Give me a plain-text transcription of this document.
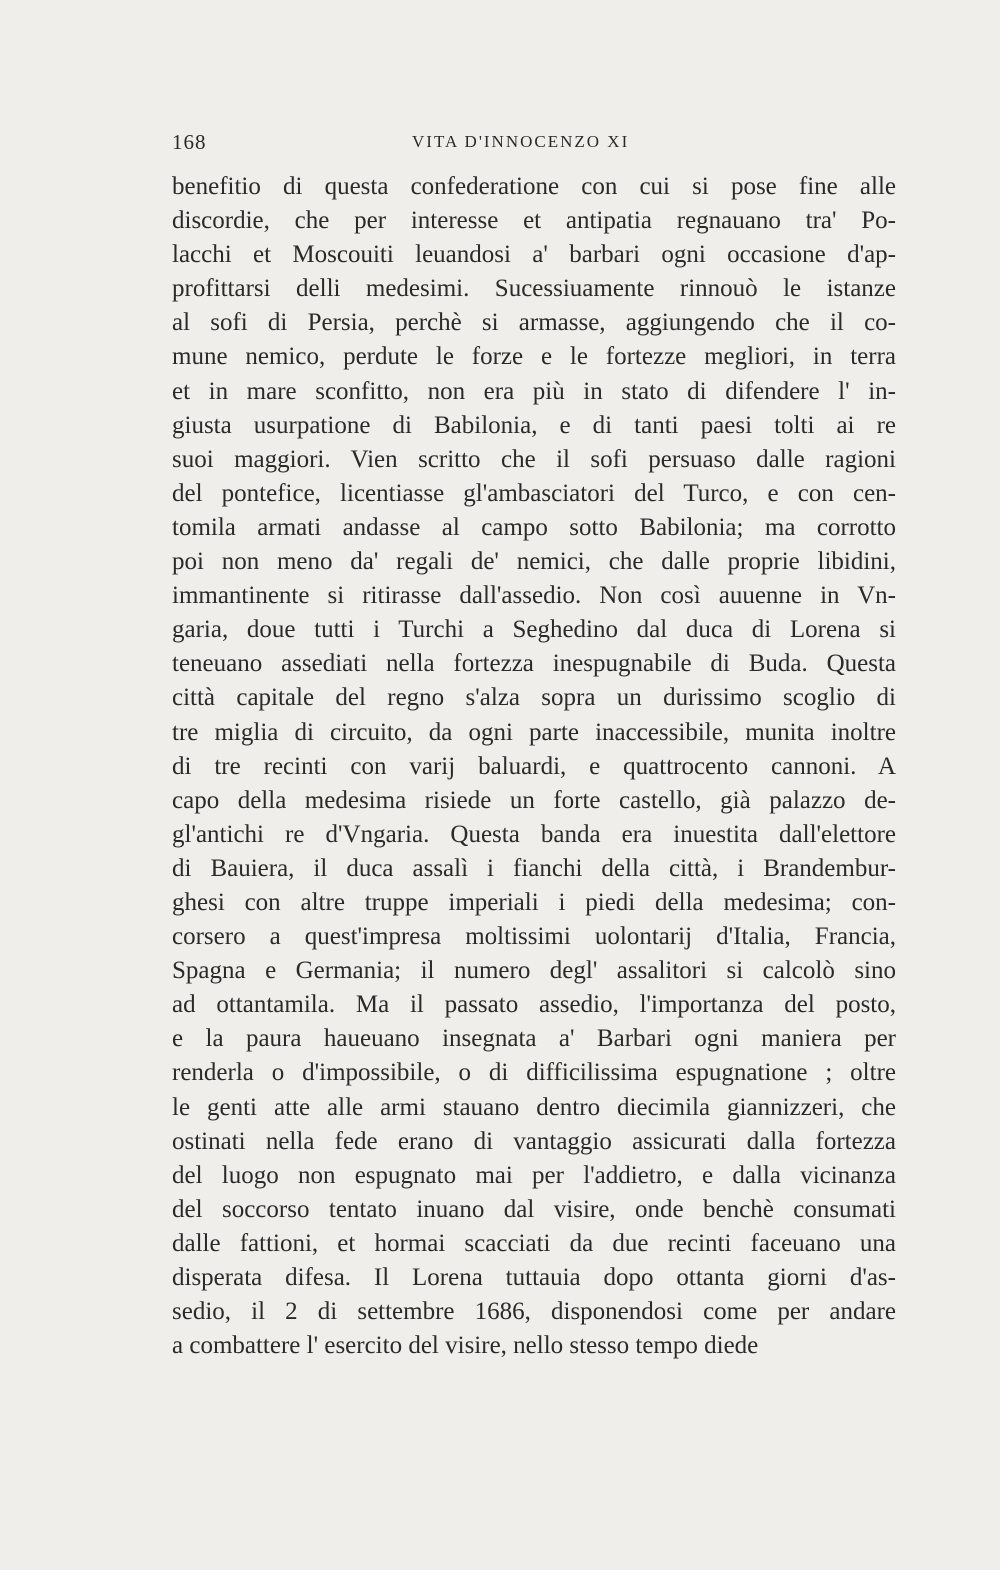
168	VITA D'INNOCENZO XI
benefitio di questa confederatione con cui si pose fine alle
discordie, che per interesse et antipatia regnauano tra' Po-
lacchi et Moscouiti leuandosi a' barbari ogni occasione d'ap-
profittarsi delli medesimi. Sucessiuamente rinnouò le istanze
al sofi di Persia, perchè si armasse, aggiungendo che il co-
mune nemico, perdute le forze e le fortezze megliori, in terra
et in mare sconfitto, non era più in stato di difendere l' in-
giusta usurpatione di Babilonia, e di tanti paesi tolti ai re
suoi maggiori. Vien scritto che il sofi persuaso dalle ragioni
del pontefice, licentiasse gl'ambasciatori del Turco, e con cen-
tomila armati andasse al campo sotto Babilonia; ma corrotto
poi non meno da' regali de' nemici, che dalle proprie libidini,
immantinente si ritirasse dall'assedio. Non così auuenne in Vn-
garia, doue tutti i Turchi a Seghedino dal duca di Lorena si
teneuano assediati nella fortezza inespugnabile di Buda. Questa
città capitale del regno s'alza sopra un durissimo scoglio di
tre miglia di circuito, da ogni parte inaccessibile, munita inoltre
di tre recinti con varij baluardi, e quattrocento cannoni. A
capo della medesima risiede un forte castello, già palazzo de-
gl'antichi re d'Vngaria. Questa banda era inuestita dall'elettore
di Bauiera, il duca assalì i fianchi della città, i Brandembur-
ghesi con altre truppe imperiali i piedi della medesima; con-
corsero a quest'impresa moltissimi uolontarij d'Italia, Francia,
Spagna e Germania; il numero degl' assalitori si calcolò sino
ad ottantamila. Ma il passato assedio, l'importanza del posto,
e la paura haueuano insegnata a' Barbari ogni maniera per
renderla o d'impossibile, o di difficilissima espugnatione ; oltre
le genti atte alle armi stauano dentro diecimila giannizzeri, che
ostinati nella fede erano di vantaggio assicurati dalla fortezza
del luogo non espugnato mai per l'addietro, e dalla vicinanza
del soccorso tentato inuano dal visire, onde benchè consumati
dalle fattioni, et hormai scacciati da due recinti faceuano una
disperata difesa. Il Lorena tuttauia dopo ottanta giorni d'as-
sedio, il 2 di settembre 1686, disponendosi come per andare
a combattere l' esercito del visire, nello stesso tempo diede
